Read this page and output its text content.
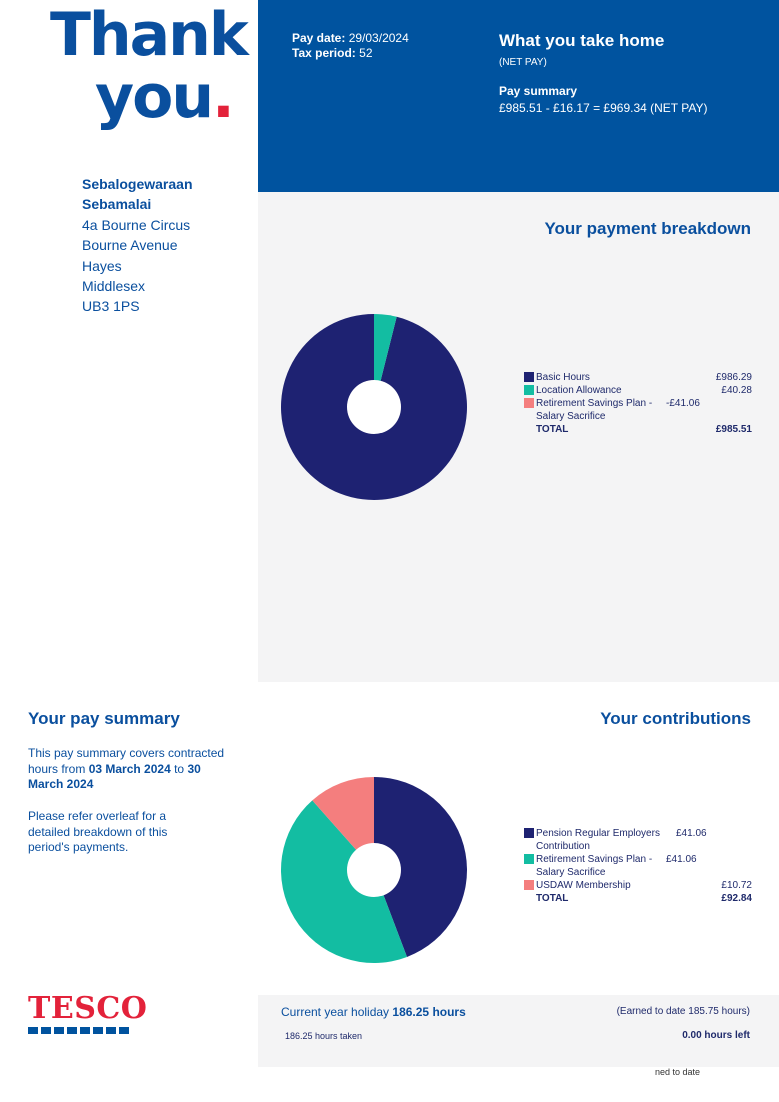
Thank
you.
Sebalogewaraan
Sebamalai
4a Bourne Circus
Bourne Avenue
Hayes
Middlesex
UB3 1PS
Pay date: 29/03/2024
Tax period: 52
What you take home
(NET PAY)
Pay summary
£985.51 - £16.17 = £969.34 (NET PAY)
Your payment breakdown
Basic Hours	£986.29
Location Allowance	£40.28
Retirement Savings Plan - Salary Sacrifice
-£41.06
TOTAL	£985.51
Your pay summary
This pay summary covers contracted hours from 03 March 2024 to 30 March 2024
Please refer overleaf for a detailed breakdown of this period's payments.
Your contributions
Pension Regular Employers Contribution
£41.06
Retirement Savings Plan - Salary Sacrifice
£41.06
USDAW Membership	£10.72
TOTAL	£92.84
TESCO	Current year holiday 186.25 hours	(Earned to date 185.75 hours)
186.25 hours taken	0.00 hours left
ned to date
